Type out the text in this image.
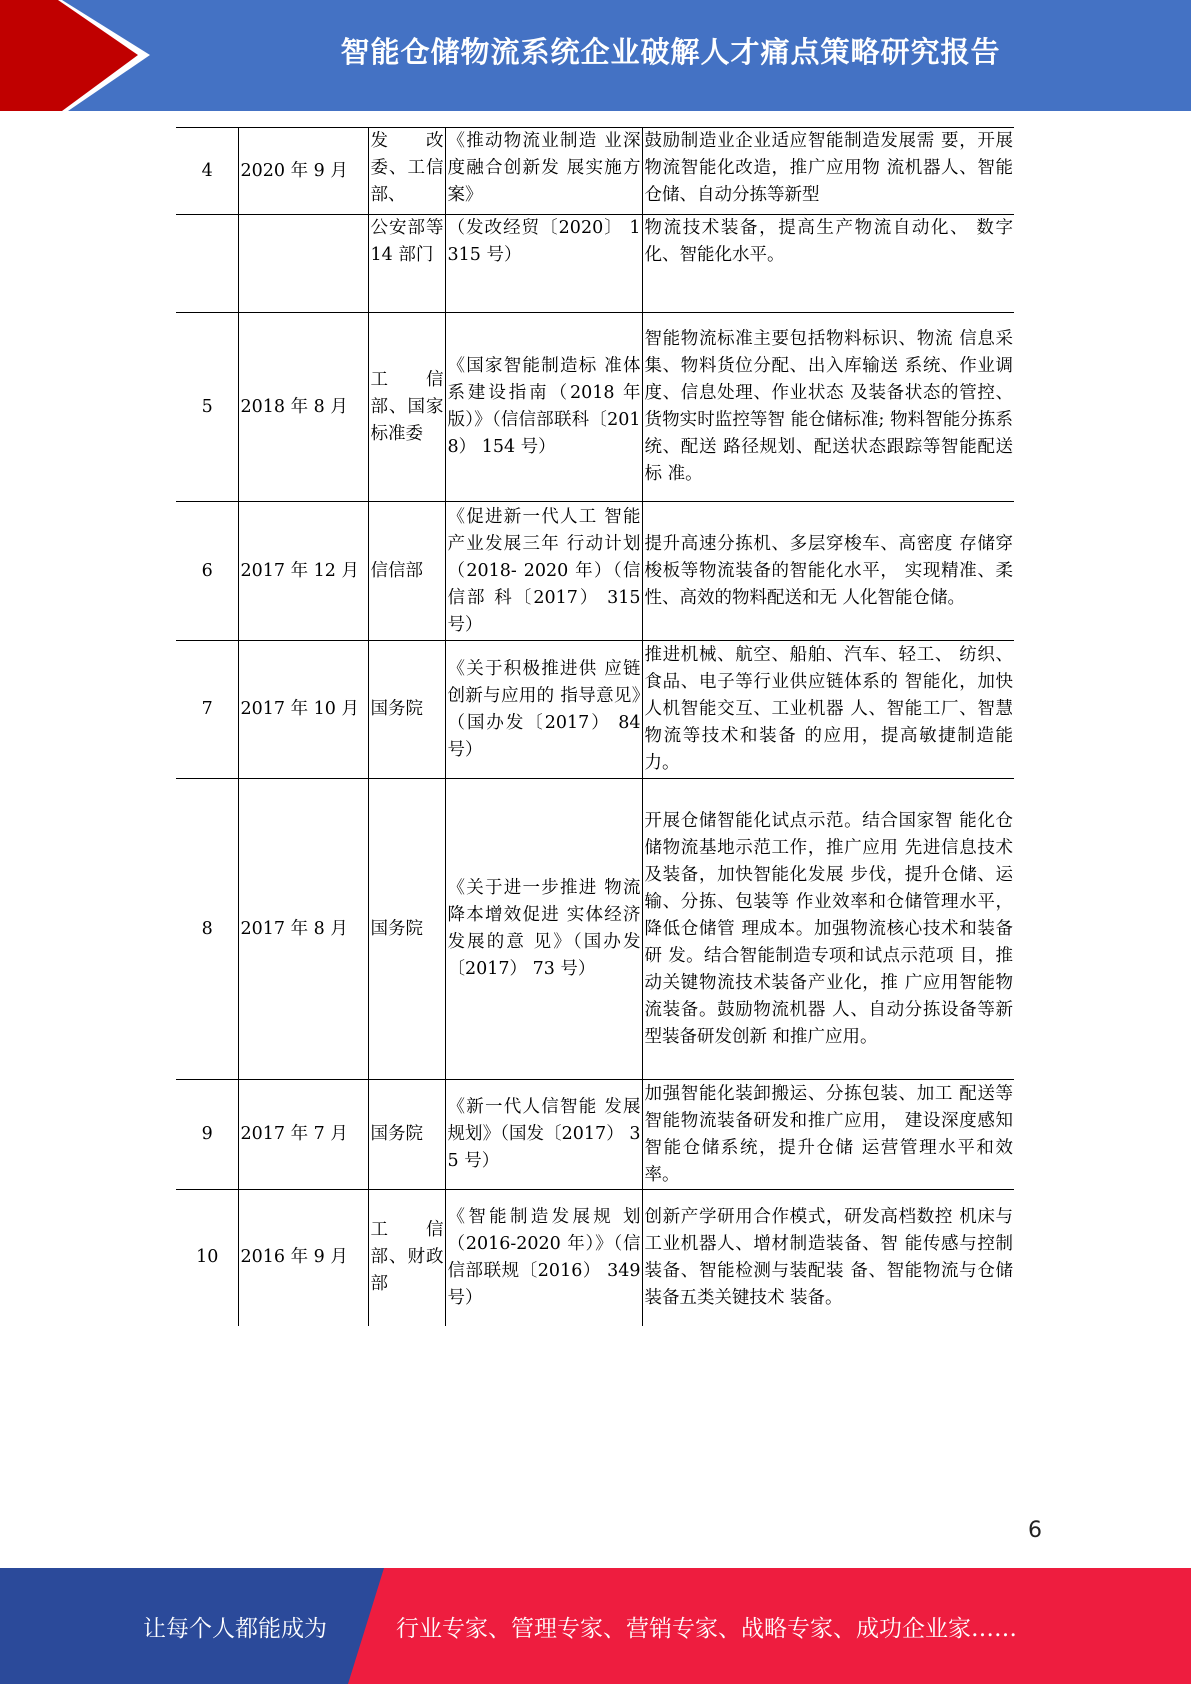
智能仓储物流系统企业破解人才痛点策略研究报告
4	2020 年 9 月	发　改委、工信部、	《推动物流业制造 业深度融合创新发 展实施方案》	鼓励制造业企业适应智能制造发展需 要，开展物流智能化改造，推广应用物 流机器人、智能仓储、自动分拣等新型
		公安部等 14 部门	（发改经贸〔2020〕 1315 号）	物流技术装备，提高生产物流自动化、 数字化、智能化水平。
5	2018 年 8 月	工　信部、国家标准委	《国家智能制造标 准体系建设指南（2018 年版）》（信信部联科〔2018） 154 号）	智能物流标准主要包括物料标识、物流 信息采集、物料货位分配、出入库输送 系统、作业调度、信息处理、作业状态 及装备状态的管控、货物实时监控等智 能仓储标准; 物料智能分拣系统、配送 路径规划、配送状态跟踪等智能配送标 准。
6	2017 年 12 月	信信部	《促进新一代人工 智能产业发展三年 行动计划（2018- 2020 年）（信信部 科〔2017） 315 号）	提升高速分拣机、多层穿梭车、高密度 存储穿梭板等物流装备的智能化水平， 实现精准、柔性、高效的物料配送和无 人化智能仓储。
7	2017 年 10 月	国务院	《关于积极推进供 应链创新与应用的 指导意见》（国办发〔2017） 84 号）	推进机械、航空、船舶、汽车、轻工、 纺织、食品、电子等行业供应链体系的 智能化，加快人机智能交互、工业机器 人、智能工厂、智慧物流等技术和装备 的应用，提高敏捷制造能力。
8	2017 年 8 月	国务院	《关于进一步推进 物流降本增效促进 实体经济发展的意 见》（国办发〔2017） 73 号）	开展仓储智能化试点示范。结合国家智 能化仓储物流基地示范工作，推广应用 先进信息技术及装备，加快智能化发展 步伐，提升仓储、运输、分拣、包装等 作业效率和仓储管理水平，降低仓储管 理成本。加强物流核心技术和装备研 发。结合智能制造专项和试点示范项 目，推动关键物流技术装备产业化，推 广应用智能物流装备。鼓励物流机器 人、自动分拣设备等新型装备研发创新 和推广应用。
9	2017 年 7 月	国务院	《新一代人信智能 发展规划》（国发〔2017） 35 号）	加强智能化装卸搬运、分拣包装、加工 配送等智能物流装备研发和推广应用， 建设深度感知智能仓储系统，提升仓储 运营管理水平和效率。
10	2016 年 9 月	工　信部、财政部	《智能制造发展规 划 （2016-2020 年）》（信信部联规〔2016） 349 号）	创新产学研用合作模式，研发高档数控 机床与工业机器人、增材制造装备、智 能传感与控制装备、智能检测与装配装 备、智能物流与仓储装备五类关键技术 装备。
6
让每个人都能成为	行业专家、管理专家、营销专家、战略专家、成功企业家……
